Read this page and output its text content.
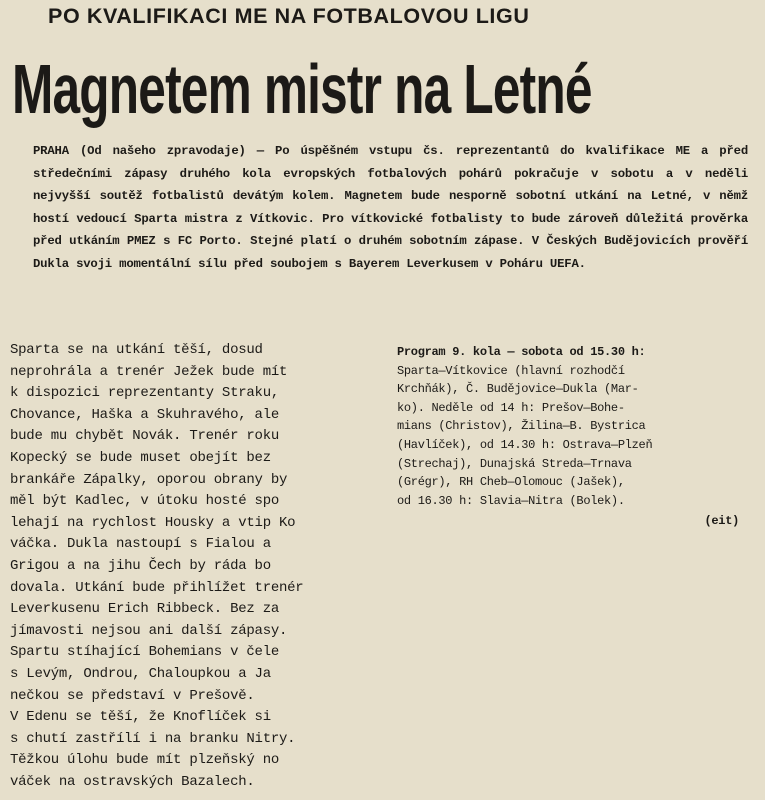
PO KVALIFIKACI ME NA FOTBALOVOU LIGU
Magnetem mistr na Letné
PRAHA (Od našeho zpravodaje) — Po úspěšném vstupu čs. reprezentantů do kvalifikace ME a před středečními zápasy druhého kola evropských fotbalových pohárů pokračuje v sobotu a v neděli nejvyšší soutěž fotbalistů devátým kolem. Magnetem bude nesporně sobotní utkání na Letné, v němž hostí vedoucí Sparta mistra z Vítkovic. Pro vítkovické fotbalisty to bude zároveň důležitá prověrka před utkáním PMEZ s FC Porto. Stejné platí o druhém sobotním zápase. V Českých Budějovicích prověří Dukla svoji momentální sílu před soubojem s Bayerem Leverkusem v Poháru UEFA.
Sparta se na utkání těší, dosud
neprohrála a trenér Ježek bude mít
k dispozici reprezentanty Straku,
Chovance, Haška a Skuhravého, ale
bude mu chybět Novák. Trenér roku
Kopecký se bude muset obejít bez
brankáře Zápalky, oporou obrany by
měl být Kadlec, v útoku hosté spo
lehají na rychlost Housky a vtip Ko
váčka. Dukla nastoupí s Fialou a
Grigou a na jihu Čech by ráda bo
dovala. Utkání bude přihlížet trenér
Leverkusenu Erich Ribbeck. Bez za
jímavosti nejsou ani další zápasy.
Spartu stíhající Bohemians v čele
s Levým, Ondrou, Chaloupkou a Ja
nečkou se představí v Prešově.
V Edenu se těší, že Knoflíček si
s chutí zastřílí i na branku Nitry.
Těžkou úlohu bude mít plzeňský no
váček na ostravských Bazalech.
Program 9. kola — sobota od 15.30 h:
Sparta—Vítkovice (hlavní rozhodčí
Krchňák), Č. Budějovice—Dukla (Mar-
ko). Neděle od 14 h: Prešov—Bohe-
mians (Christov), Žilina—B. Bystrica
(Havlíček), od 14.30 h: Ostrava—Plzeň
(Strechaj), Dunajská Streda—Trnava
(Grégr), RH Cheb—Olomouc (Jašek),
od 16.30 h: Slavia—Nitra (Bolek).
(eit)
